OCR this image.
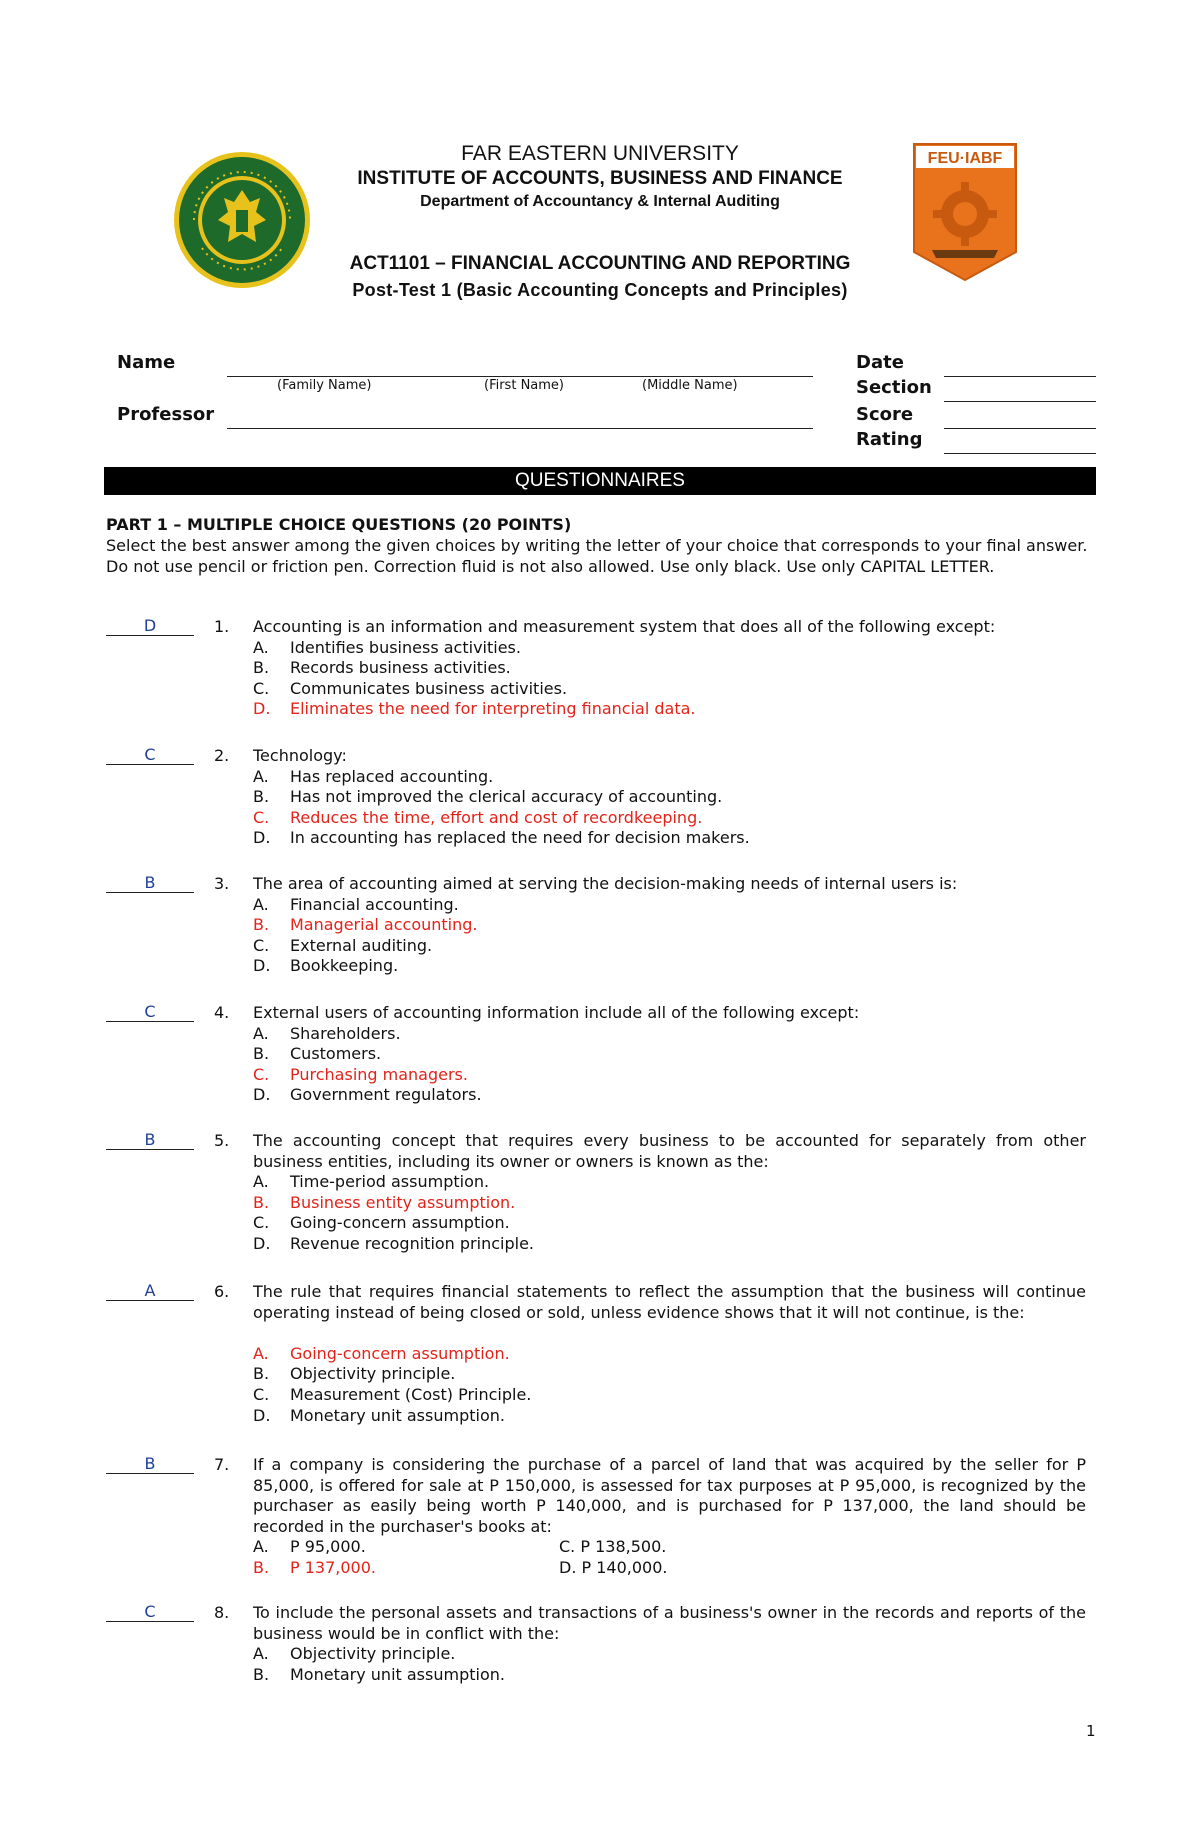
FEU·IABF
FAR EASTERN UNIVERSITY
INSTITUTE OF ACCOUNTS, BUSINESS AND FINANCE
Department of Accountancy & Internal Auditing
ACT1101 – FINANCIAL ACCOUNTING AND REPORTING
Post-Test 1 (Basic Accounting Concepts and Principles)
Name
(Family Name)	(First Name)	(Middle Name)
Professor
Date
Section
Score
Rating
QUESTIONNAIRES
PART 1 – MULTIPLE CHOICE QUESTIONS (20 POINTS)
Select the best answer among the given choices by writing the letter of your choice that corresponds to your final answer. Do not use pencil or friction pen. Correction fluid is not also allowed. Use only black. Use only CAPITAL LETTER.
D	1. Accounting is an information and measurement system that does all of the following except:
A. Identifies business activities.
B. Records business activities.
C. Communicates business activities.
D. Eliminates the need for interpreting financial data.
C	2. Technology:
A. Has replaced accounting.
B. Has not improved the clerical accuracy of accounting.
C. Reduces the time, effort and cost of recordkeeping.
D. In accounting has replaced the need for decision makers.
B	3. The area of accounting aimed at serving the decision-making needs of internal users is:
A. Financial accounting.
B. Managerial accounting.
C. External auditing.
D. Bookkeeping.
C	4. External users of accounting information include all of the following except:
A. Shareholders.
B. Customers.
C. Purchasing managers.
D. Government regulators.
B	5. The accounting concept that requires every business to be accounted for separately from other business entities, including its owner or owners is known as the:
A. Time-period assumption.
B. Business entity assumption.
C. Going-concern assumption.
D. Revenue recognition principle.
A	6. The rule that requires financial statements to reflect the assumption that the business will continue operating instead of being closed or sold, unless evidence shows that it will not continue, is the:
A. Going-concern assumption.
B. Objectivity principle.
C. Measurement (Cost) Principle.
D. Monetary unit assumption.
B	7. If a company is considering the purchase of a parcel of land that was acquired by the seller for P 85,000, is offered for sale at P 150,000, is assessed for tax purposes at P 95,000, is recognized by the purchaser as easily being worth P 140,000, and is purchased for P 137,000, the land should be recorded in the purchaser's books at:
A. P 95,000.	C. P 138,500.
B. P 137,000.	D. P 140,000.
C	8. To include the personal assets and transactions of a business's owner in the records and reports of the business would be in conflict with the:
A. Objectivity principle.
B. Monetary unit assumption.
1
